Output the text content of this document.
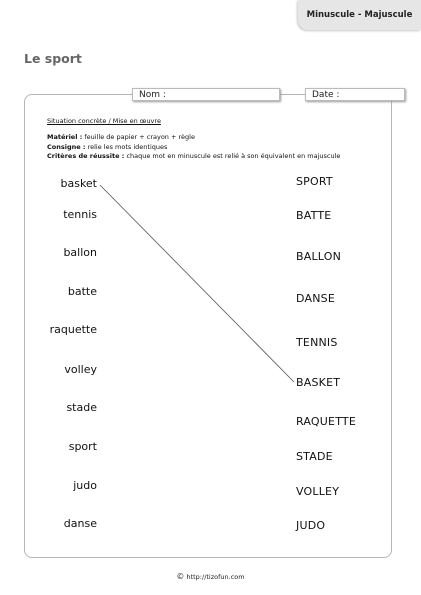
Minuscule - Majuscule
Le sport
Nom :	Date :
Situation concrète / Mise en œuvre
Matériel : feuille de papier + crayon + règle
Consigne : relie les mots identiques
Critères de réussite : chaque mot en minuscule est relié à son équivalent en majuscule
basket
tennis
ballon
batte
raquette
volley
stade
sport
judo
danse
SPORT
BATTE
BALLON
DANSE
TENNIS
BASKET
RAQUETTE
STADE
VOLLEY
JUDO
© http://tizofun.com
